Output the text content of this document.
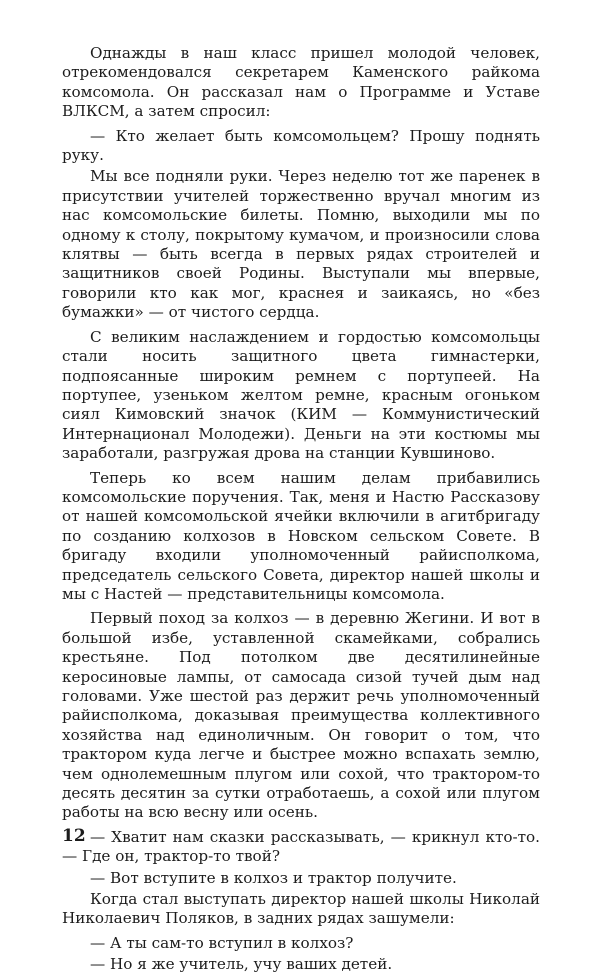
Однажды в наш класс пришел молодой человек, отрекомендовался секретарем Каменского райкома комсомола. Он рассказал нам о Программе и Уставе ВЛКСМ, а затем спросил:

— Кто желает быть комсомольцем? Прошу поднять руку.

Мы все подняли руки. Через неделю тот же паренек в присутствии учителей торжественно вручал многим из нас комсомольские билеты. Помню, выходили мы по одному к столу, покрытому кумачом, и произносили слова клятвы — быть всегда в первых рядах строителей и защитников своей Родины. Выступали мы впервые, говорили кто как мог, краснея и заикаясь, но «без бумажки» — от чистого сердца.

С великим наслаждением и гордостью комсомольцы стали носить защитного цвета гимнастерки, подпоясанные широким ремнем с портупеей. На портупее, узеньком желтом ремне, красным огоньком сиял Кимовский значок (КИМ — Коммунистический Интернационал Молодежи). Деньги на эти костюмы мы заработали, разгружая дрова на станции Кувшиново.

Теперь ко всем нашим делам прибавились комсомольские поручения. Так, меня и Настю Рассказову от нашей комсомольской ячейки включили в агитбригаду по созданию колхозов в Новском сельском Совете. В бригаду входили уполномоченный райисполкома, председатель сельского Совета, директор нашей школы и мы с Настей — представительницы комсомола.

Первый поход за колхоз — в деревню Жегини. И вот в большой избе, уставленной скамейками, собрались крестьяне. Под потолком две десятилинейные керосиновые лампы, от самосада сизой тучей дым над головами. Уже шестой раз держит речь уполномоченный райисполкома, доказывая преимущества коллективного хозяйства над единоличным. Он говорит о том, что трактором куда легче и быстрее можно вспахать землю, чем однолемешным плугом или сохой, что трактором-то десять десятин за сутки отработаешь, а сохой или плугом работы на всю весну или осень.

— Хватит нам сказки рассказывать, — крикнул кто-то. — Где он, трактор-то твой?

— Вот вступите в колхоз и трактор получите.

Когда стал выступать директор нашей школы Николай Николаевич Поляков, в задних рядах зашумели:

— А ты сам-то вступил в колхоз?

— Но я же учитель, учу ваших детей.

12
